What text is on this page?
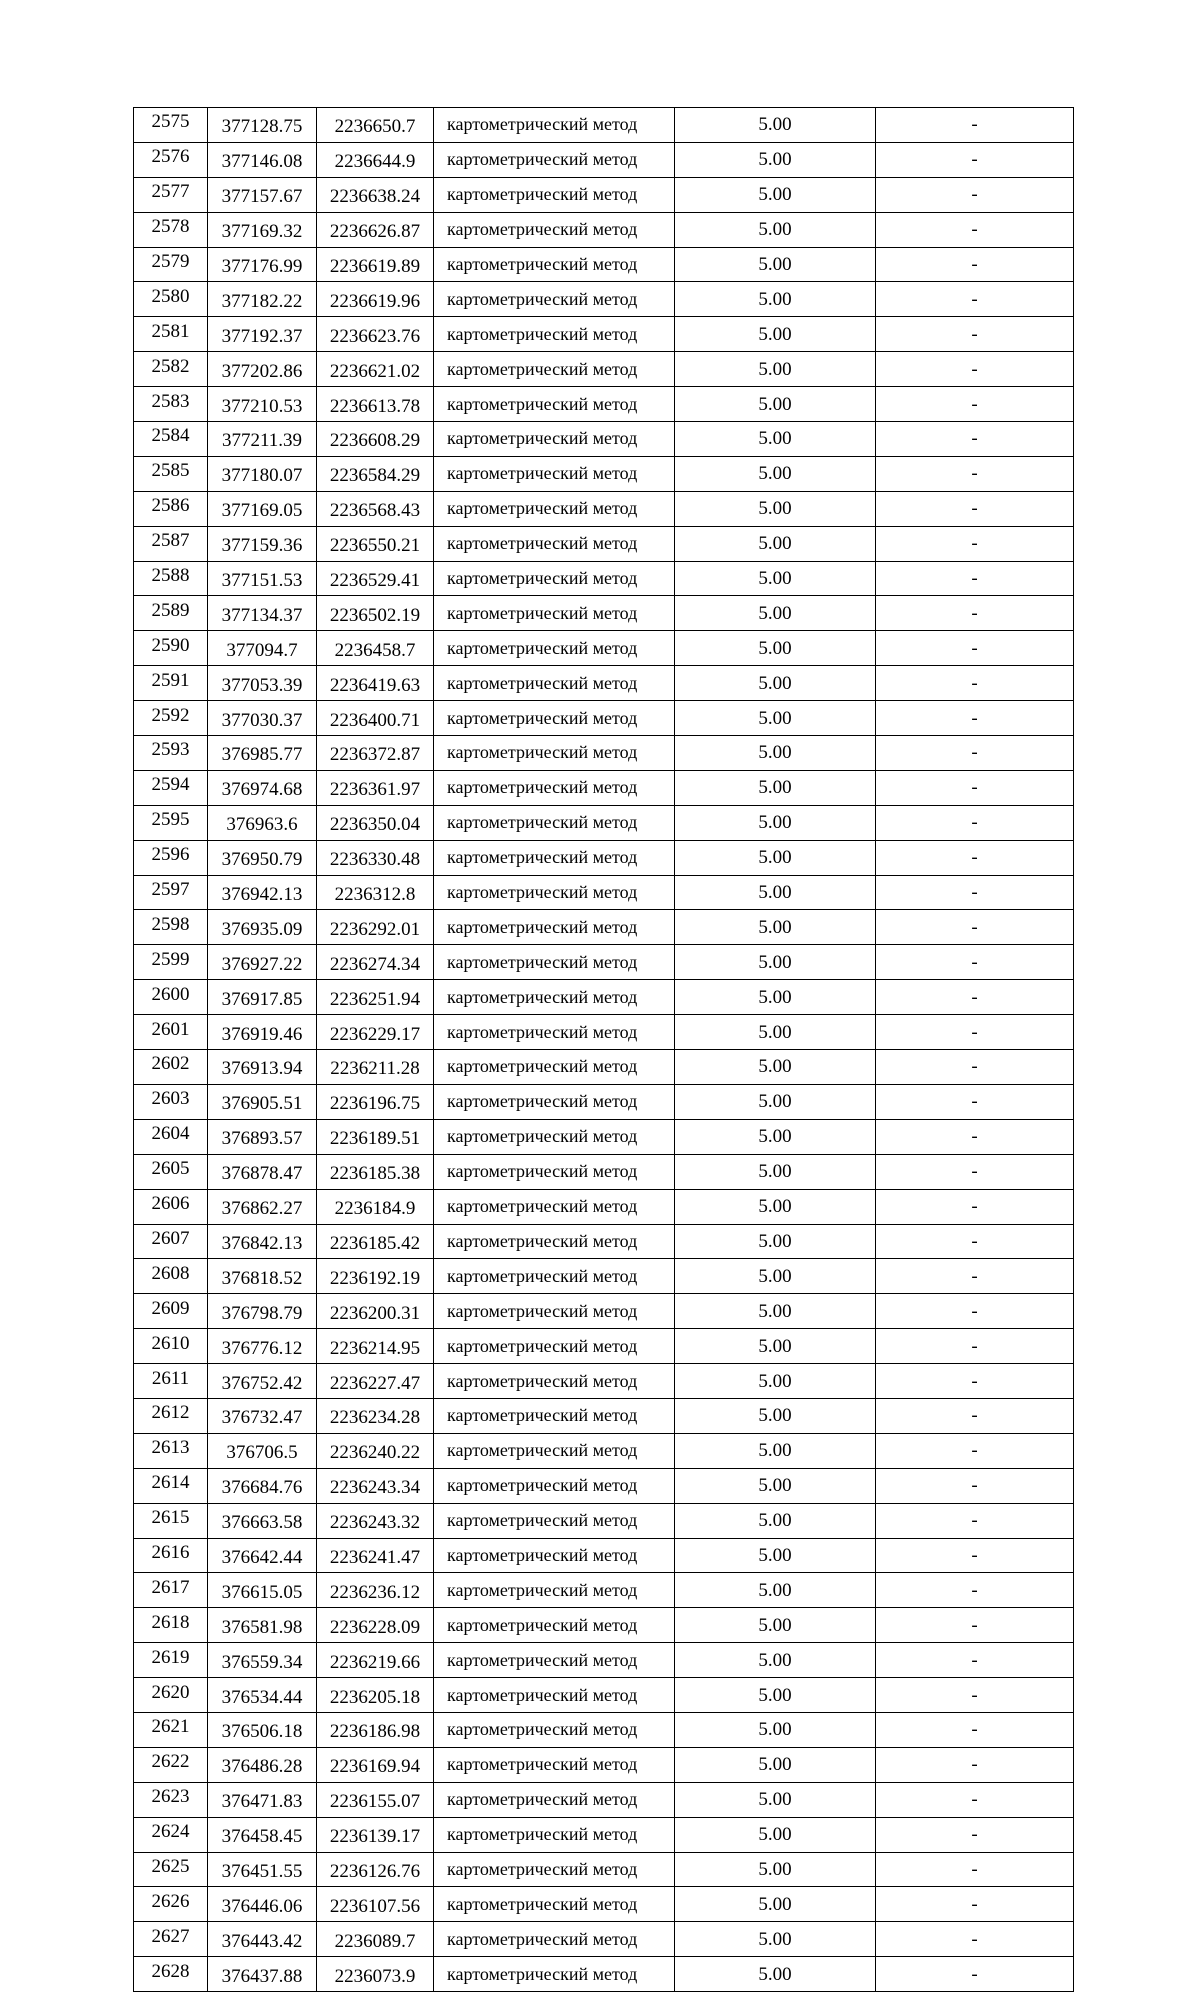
2575	377128.75	2236650.7	картометрический метод	5.00	-
2576	377146.08	2236644.9	картометрический метод	5.00	-
2577	377157.67	2236638.24	картометрический метод	5.00	-
2578	377169.32	2236626.87	картометрический метод	5.00	-
2579	377176.99	2236619.89	картометрический метод	5.00	-
2580	377182.22	2236619.96	картометрический метод	5.00	-
2581	377192.37	2236623.76	картометрический метод	5.00	-
2582	377202.86	2236621.02	картометрический метод	5.00	-
2583	377210.53	2236613.78	картометрический метод	5.00	-
2584	377211.39	2236608.29	картометрический метод	5.00	-
2585	377180.07	2236584.29	картометрический метод	5.00	-
2586	377169.05	2236568.43	картометрический метод	5.00	-
2587	377159.36	2236550.21	картометрический метод	5.00	-
2588	377151.53	2236529.41	картометрический метод	5.00	-
2589	377134.37	2236502.19	картометрический метод	5.00	-
2590	377094.7	2236458.7	картометрический метод	5.00	-
2591	377053.39	2236419.63	картометрический метод	5.00	-
2592	377030.37	2236400.71	картометрический метод	5.00	-
2593	376985.77	2236372.87	картометрический метод	5.00	-
2594	376974.68	2236361.97	картометрический метод	5.00	-
2595	376963.6	2236350.04	картометрический метод	5.00	-
2596	376950.79	2236330.48	картометрический метод	5.00	-
2597	376942.13	2236312.8	картометрический метод	5.00	-
2598	376935.09	2236292.01	картометрический метод	5.00	-
2599	376927.22	2236274.34	картометрический метод	5.00	-
2600	376917.85	2236251.94	картометрический метод	5.00	-
2601	376919.46	2236229.17	картометрический метод	5.00	-
2602	376913.94	2236211.28	картометрический метод	5.00	-
2603	376905.51	2236196.75	картометрический метод	5.00	-
2604	376893.57	2236189.51	картометрический метод	5.00	-
2605	376878.47	2236185.38	картометрический метод	5.00	-
2606	376862.27	2236184.9	картометрический метод	5.00	-
2607	376842.13	2236185.42	картометрический метод	5.00	-
2608	376818.52	2236192.19	картометрический метод	5.00	-
2609	376798.79	2236200.31	картометрический метод	5.00	-
2610	376776.12	2236214.95	картометрический метод	5.00	-
2611	376752.42	2236227.47	картометрический метод	5.00	-
2612	376732.47	2236234.28	картометрический метод	5.00	-
2613	376706.5	2236240.22	картометрический метод	5.00	-
2614	376684.76	2236243.34	картометрический метод	5.00	-
2615	376663.58	2236243.32	картометрический метод	5.00	-
2616	376642.44	2236241.47	картометрический метод	5.00	-
2617	376615.05	2236236.12	картометрический метод	5.00	-
2618	376581.98	2236228.09	картометрический метод	5.00	-
2619	376559.34	2236219.66	картометрический метод	5.00	-
2620	376534.44	2236205.18	картометрический метод	5.00	-
2621	376506.18	2236186.98	картометрический метод	5.00	-
2622	376486.28	2236169.94	картометрический метод	5.00	-
2623	376471.83	2236155.07	картометрический метод	5.00	-
2624	376458.45	2236139.17	картометрический метод	5.00	-
2625	376451.55	2236126.76	картометрический метод	5.00	-
2626	376446.06	2236107.56	картометрический метод	5.00	-
2627	376443.42	2236089.7	картометрический метод	5.00	-
2628	376437.88	2236073.9	картометрический метод	5.00	-
